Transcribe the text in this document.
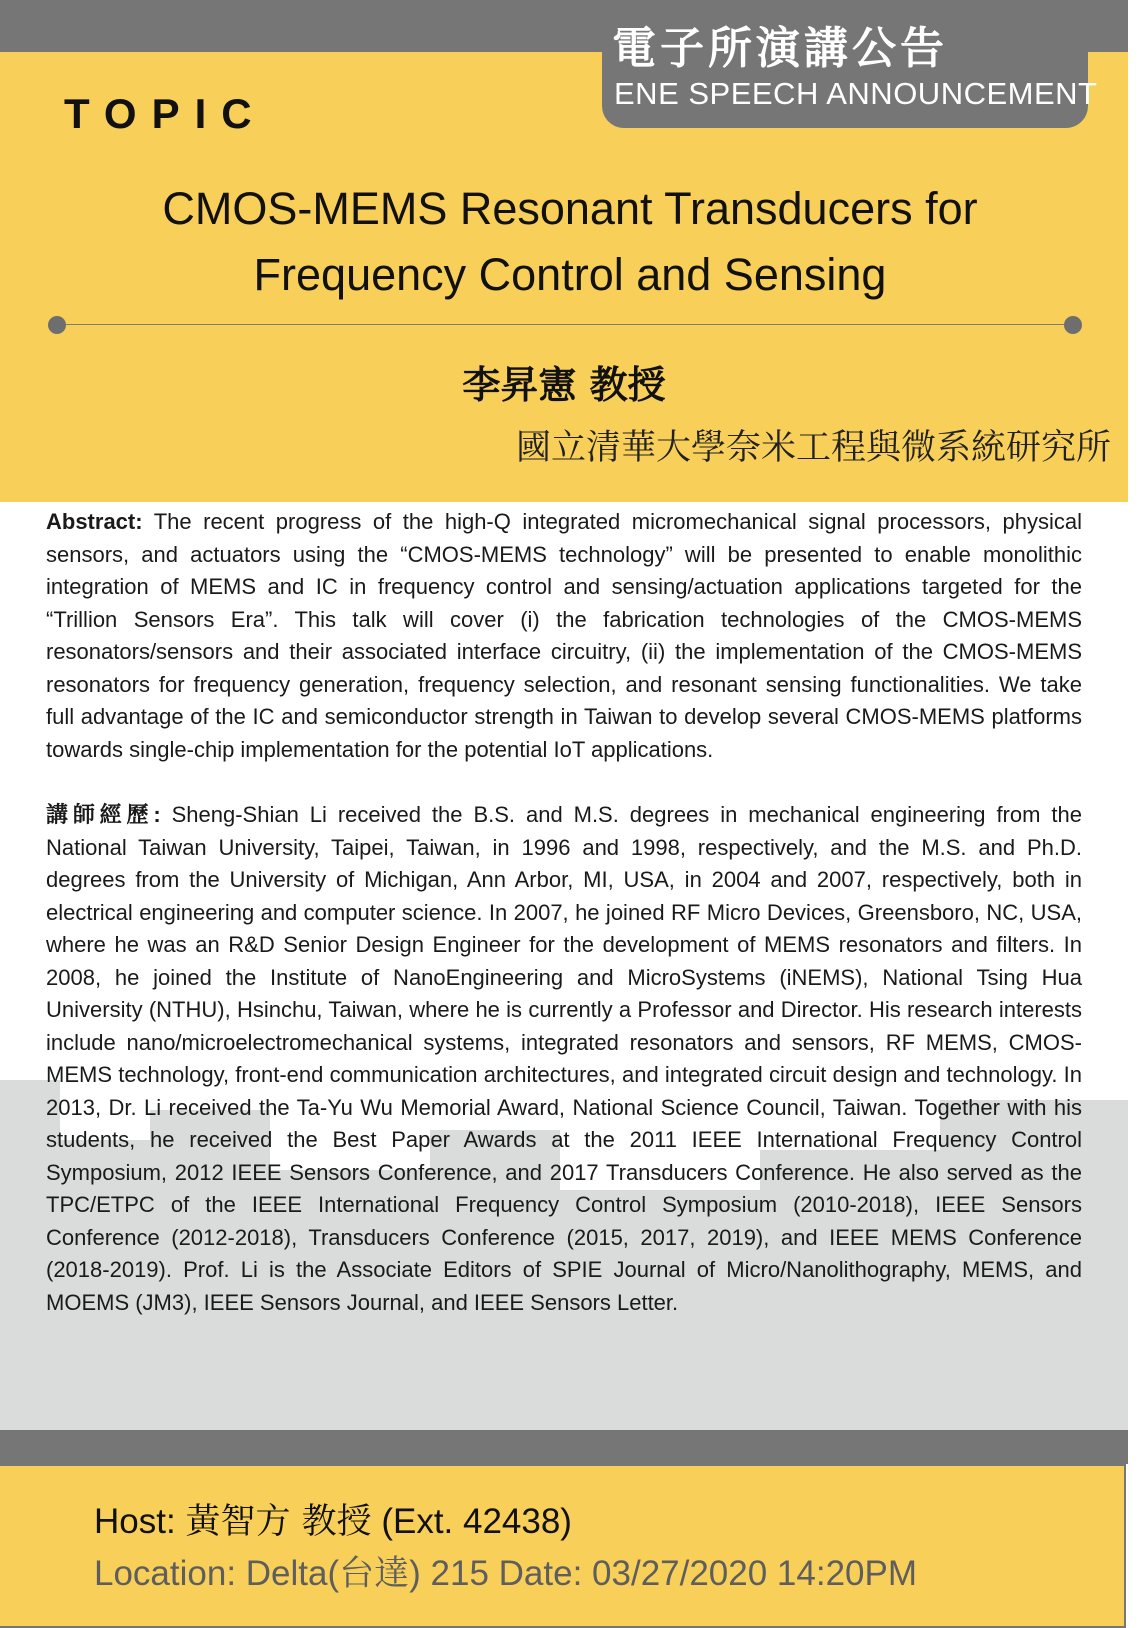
電子所演講公告
ENE SPEECH ANNOUNCEMENT
TOPIC
CMOS-MEMS Resonant Transducers for
Frequency Control and Sensing
李昇憲 教授
國立清華大學奈米工程與微系統研究所

Abstract: The recent progress of the high-Q integrated micromechanical signal processors, physical sensors, and actuators using the “CMOS-MEMS technology” will be presented to enable monolithic integration of MEMS and IC in frequency control and sensing/actuation applications targeted for the “Trillion Sensors Era”. This talk will cover (i) the fabrication technologies of the CMOS-MEMS resonators/sensors and their associated interface circuitry, (ii) the implementation of the CMOS-MEMS resonators for frequency generation, frequency selection, and resonant sensing functionalities. We take full advantage of the IC and semiconductor strength in Taiwan to develop several CMOS-MEMS platforms towards single-chip implementation for the potential IoT applications.

講師經歷: Sheng-Shian Li received the B.S. and M.S. degrees in mechanical engineering from the National Taiwan University, Taipei, Taiwan, in 1996 and 1998, respectively, and the M.S. and Ph.D. degrees from the University of Michigan, Ann Arbor, MI, USA, in 2004 and 2007, respectively, both in electrical engineering and computer science. In 2007, he joined RF Micro Devices, Greensboro, NC, USA, where he was an R&D Senior Design Engineer for the development of MEMS resonators and filters. In 2008, he joined the Institute of NanoEngineering and MicroSystems (iNEMS), National Tsing Hua University (NTHU), Hsinchu, Taiwan, where he is currently a Professor and Director. His research interests include nano/microelectromechanical systems, integrated resonators and sensors, RF MEMS, CMOS-MEMS technology, front-end communication architectures, and integrated circuit design and technology. In 2013, Dr. Li received the Ta-Yu Wu Memorial Award, National Science Council, Taiwan. Together with his students, he received the Best Paper Awards at the 2011 IEEE International Frequency Control Symposium, 2012 IEEE Sensors Conference, and 2017 Transducers Conference. He also served as the TPC/ETPC of the IEEE International Frequency Control Symposium (2010-2018), IEEE Sensors Conference (2012-2018), Transducers Conference (2015, 2017, 2019), and IEEE MEMS Conference (2018-2019). Prof. Li is the Associate Editors of SPIE Journal of Micro/Nanolithography, MEMS, and MOEMS (JM3), IEEE Sensors Journal, and IEEE Sensors Letter.

Host: 黃智方 教授 (Ext. 42438)
Location: Delta(台達) 215 Date: 03/27/2020 14:20PM
